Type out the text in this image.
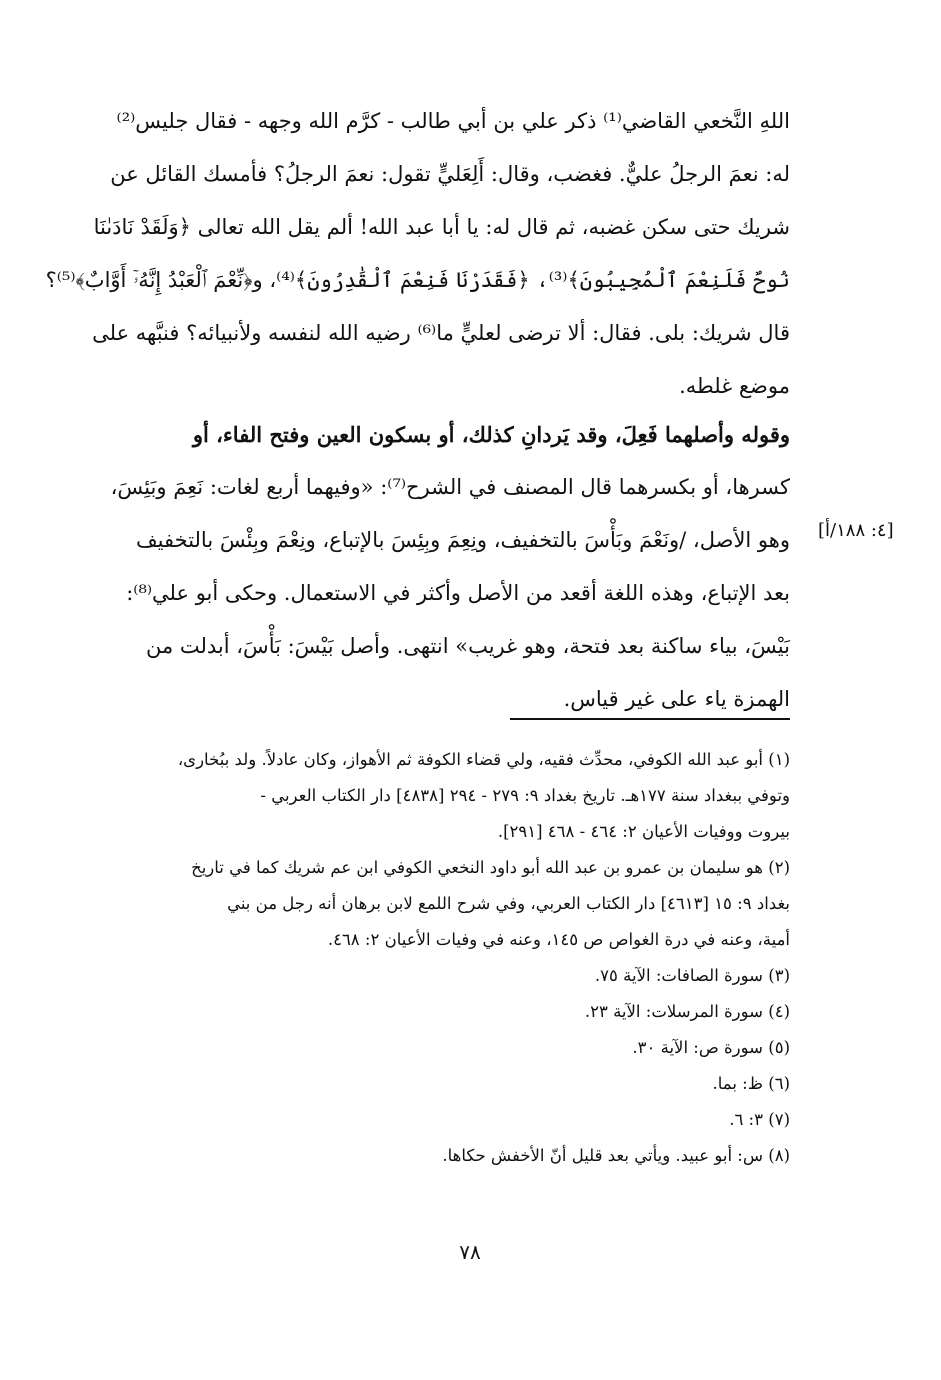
اللهِ النَّخعي القاضي⁽¹⁾ ذكر علي بن أبي طالب - كرَّم الله وجهه - فقال جليس⁽²⁾
له: نعمَ الرجلُ عليٌّ. فغضب، وقال: أَلِعَليٍّ تقول: نعمَ الرجلُ؟ فأمسك القائل عن
شريك حتى سكن غضبه، ثم قال له: يا أبا عبد الله! ألم يقل الله تعالى ﴿وَلَقَدْ نَادَىٰنَا
نُوحٌ فَلَنِعْمَ ٱلْمُجِيبُونَ﴾⁽³⁾، ﴿فَقَدَرْنَا فَنِعْمَ ٱلْقَٰدِرُونَ﴾⁽⁴⁾، و﴿نِّعْمَ ٱلْعَبْدُ إِنَّهُۥٓ أَوَّابٌ﴾⁽⁵⁾؟
قال شريك: بلى. فقال: ألا ترضى لعليٍّ ما⁽⁶⁾ رضيه الله لنفسه ولأنبيائه؟ فنبَّهه على
موضع غلطه.
وقوله وأصلهما فَعِلَ، وقد يَردانِ كذلك، أو بسكون العين وفتح الفاء، أو
كسرها، أو بكسرهما قال المصنف في الشرح⁽⁷⁾: «وفيهما أربع لغات: نَعِمَ وبَئِسَ،
وهو الأصل، /ونَعْمَ وبَأْسَ بالتخفيف، ونِعِمَ وبِئِسَ بالإتباع، ونِعْمَ وبِئْسَ بالتخفيف
بعد الإتباع، وهذه اللغة أقعد من الأصل وأكثر في الاستعمال. وحكى أبو علي⁽⁸⁾:
بَيْسَ، بياء ساكنة بعد فتحة، وهو غريب» انتهى. وأصل بَيْسَ: بَأْسَ، أبدلت من
الهمزة ياء على غير قياس.
[٤: ١٨٨/أ]
(١) أبو عبد الله الكوفي، محدِّث فقيه، ولي قضاء الكوفة ثم الأهواز، وكان عادلاً. ولد ببُخارى،
وتوفي ببغداد سنة ١٧٧هـ. تاريخ بغداد ٩: ٢٧٩ - ٢٩٤ [٤٨٣٨] دار الكتاب العربي -
بيروت ووفيات الأعيان ٢: ٤٦٤ - ٤٦٨ [٢٩١].
(٢) هو سليمان بن عمرو بن عبد الله أبو داود النخعي الكوفي ابن عم شريك كما في تاريخ
بغداد ٩: ١٥ [٤٦١٣] دار الكتاب العربي، وفي شرح اللمع لابن برهان أنه رجل من بني
أمية، وعنه في درة الغواص ص ١٤٥، وعنه في وفيات الأعيان ٢: ٤٦٨.
(٣) سورة الصافات: الآية ٧٥.
(٤) سورة المرسلات: الآية ٢٣.
(٥) سورة ص: الآية ٣٠.
(٦) ظ: بما.
(٧) ٣: ٦.
(٨) س: أبو عبيد. ويأتي بعد قليل أنّ الأخفش حكاها.
٧٨
